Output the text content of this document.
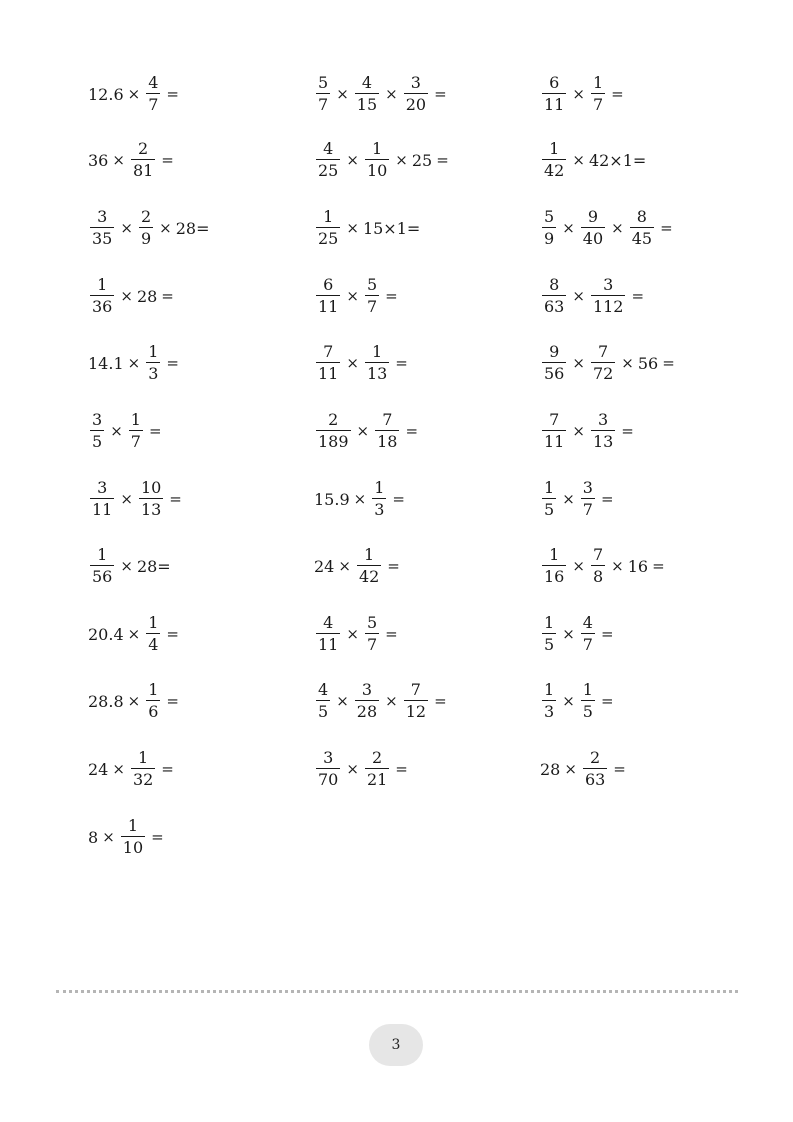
$12.6 \times \frac{4}{7}$ =	$\frac{5}{7} \times \frac{4}{15} \times \frac{3}{20}$ =	$\frac{6}{11} \times \frac{1}{7}$ =
$36 \times \frac{2}{81}$ =	$\frac{4}{25} \times \frac{1}{10} \times 25$ =	$\frac{1}{42} \times 42\times 1=$
$\frac{3}{35} \times \frac{2}{9} \times 28=$	$\frac{1}{25} \times 15\times 1=$	$\frac{5}{9} \times \frac{9}{40} \times \frac{8}{45}$ =
$\frac{1}{36} \times 28$ =	$\frac{6}{11} \times \frac{5}{7}$ =	$\frac{8}{63} \times \frac{3}{112}$ =
$14.1 \times \frac{1}{3}$ =	$\frac{7}{11} \times \frac{1}{13}$ =	$\frac{9}{56} \times \frac{7}{72} \times 56$ =
$\frac{3}{5} \times \frac{1}{7}$ =	$\frac{2}{189} \times \frac{7}{18}$ =	$\frac{7}{11} \times \frac{3}{13}$ =
$\frac{3}{11} \times \frac{10}{13}$ =	$15.9 \times \frac{1}{3}$ =	$\frac{1}{5} \times \frac{3}{7}$ =
$\frac{1}{56} \times 28=$	$24 \times \frac{1}{42}$ =	$\frac{1}{16} \times \frac{7}{8} \times 16$ =
$20.4 \times \frac{1}{4}$ =	$\frac{4}{11} \times \frac{5}{7}$ =	$\frac{1}{5} \times \frac{4}{7}$ =
$28.8 \times \frac{1}{6}$ =	$\frac{4}{5} \times \frac{3}{28} \times \frac{7}{12}$ =	$\frac{1}{3} \times \frac{1}{5}$ =
$24 \times \frac{1}{32}$ =	$\frac{3}{70} \times \frac{2}{21}$ =	$28 \times \frac{2}{63}$ =
$8 \times \frac{1}{10}$ =
3
